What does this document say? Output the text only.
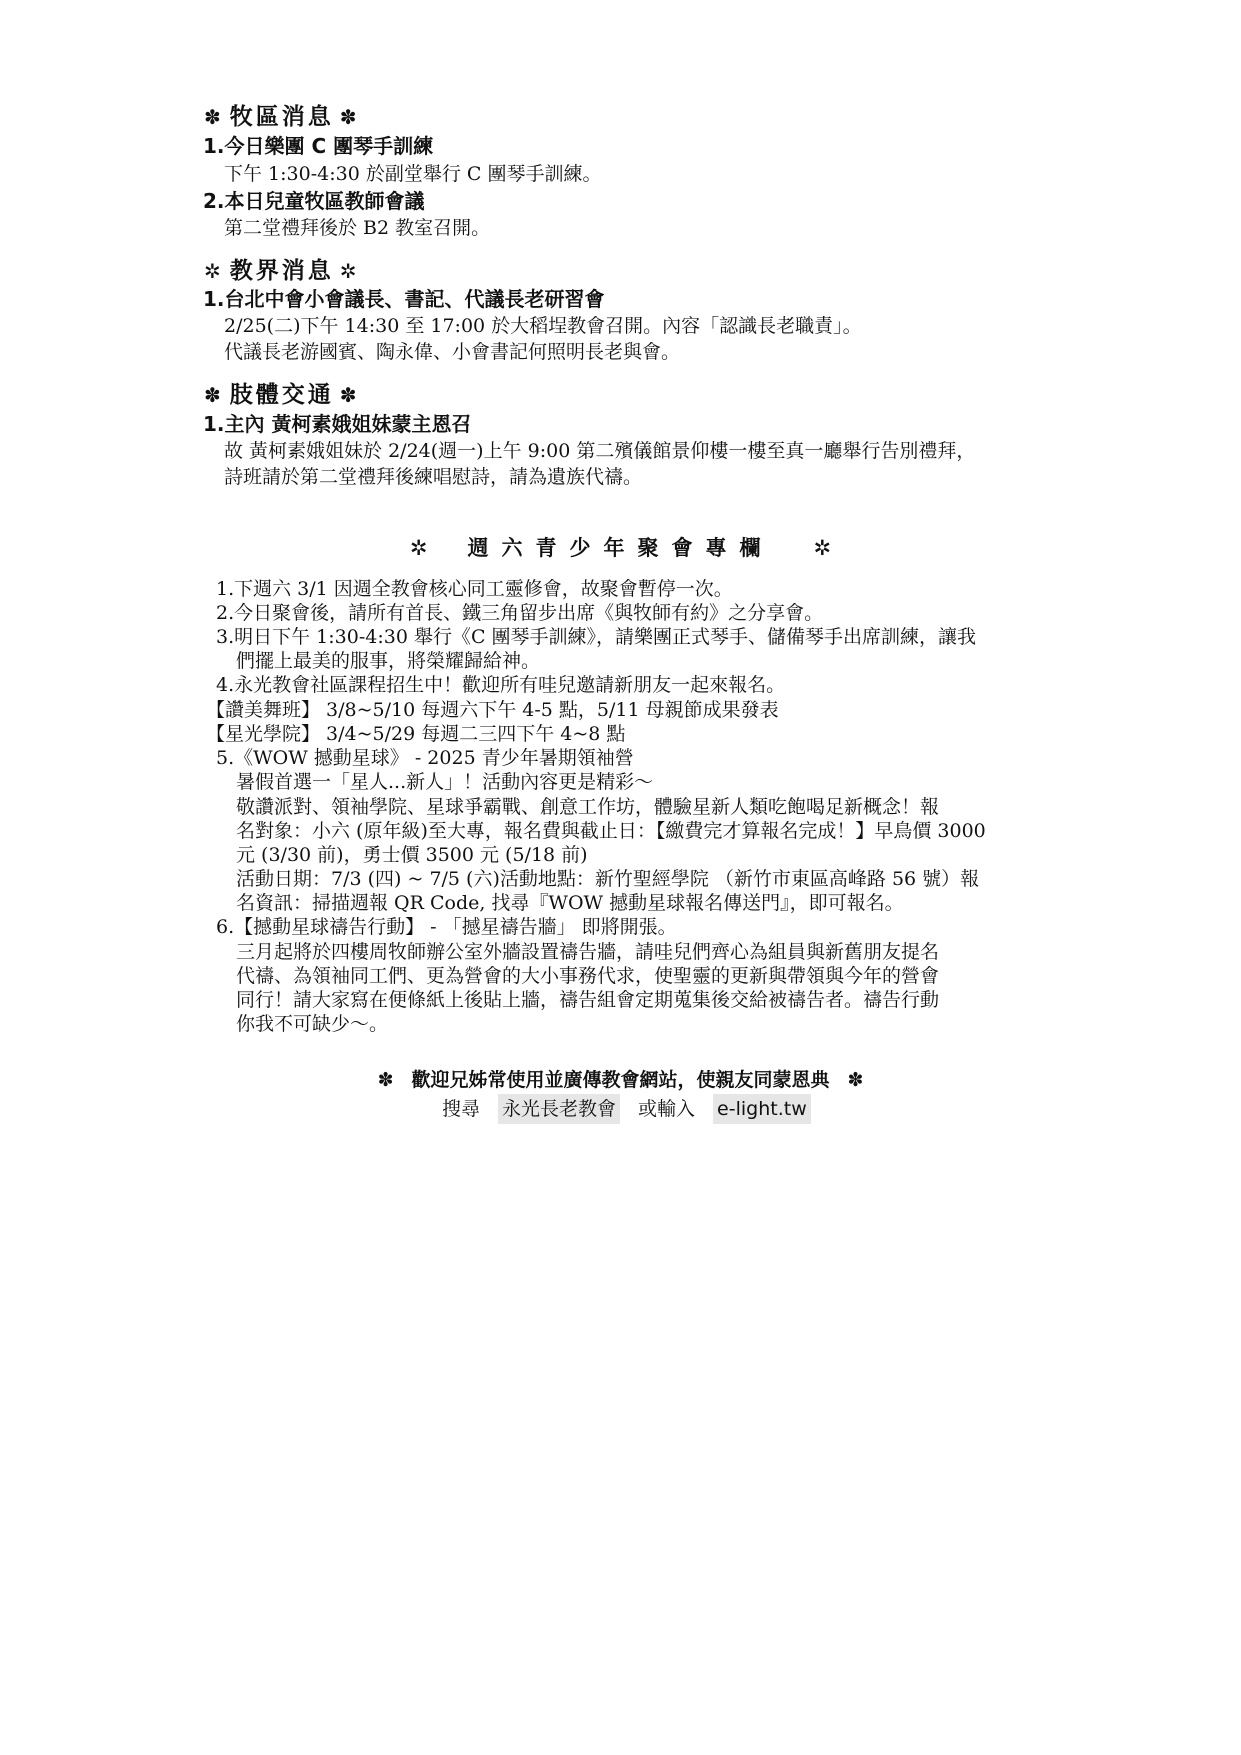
✽ 牧區消息 ✽
1.今日樂團 C 團琴手訓練
下午 1:30-4:30 於副堂舉行 C 團琴手訓練。
2.本日兒童牧區教師會議
第二堂禮拜後於 B2 教室召開。
✲ 教界消息 ✲
1.台北中會小會議長、書記、代議長老研習會
2/25(二)下午 14:30 至 17:00 於大稻埕教會召開。內容「認識長老職責」。
代議長老游國賓、陶永偉、小會書記何照明長老與會。
✽ 肢體交通 ✽
1.主內 黃柯素娥姐妹蒙主恩召
故 黃柯素娥姐妹於 2/24(週一)上午 9:00 第二殯儀館景仰樓一樓至真一廳舉行告別禮拜，
詩班請於第二堂禮拜後練唱慰詩，請為遺族代禱。
✲ 週六青少年聚會專欄 ✲
1.下週六 3/1 因週全教會核心同工靈修會，故聚會暫停一次。
2.今日聚會後，請所有首長、鐵三角留步出席《與牧師有約》之分享會。
3.明日下午 1:30-4:30 舉行《C 團琴手訓練》，請樂團正式琴手、儲備琴手出席訓練，讓我
們擺上最美的服事，將榮耀歸給神。
4.永光教會社區課程招生中！歡迎所有哇兒邀請新朋友一起來報名。
【讚美舞班】 3/8~5/10 每週六下午 4-5 點，5/11 母親節成果發表
【星光學院】 3/4~5/29 每週二三四下午 4~8 點
5.《WOW 撼動星球》 - 2025 青少年暑期領袖營
暑假首選一「星人...新人」！活動內容更是精彩～
敬讚派對、領袖學院、星球爭霸戰、創意工作坊，體驗星新人類吃飽喝足新概念！報
名對象：小六 (原年級)至大專，報名費與截止日：【繳費完才算報名完成！】早鳥價 3000
元 (3/30 前)，勇士價 3500 元 (5/18 前)
活動日期：7/3 (四) ~ 7/5 (六)活動地點：新竹聖經學院 （新竹市東區高峰路 56 號）報
名資訊：掃描週報 QR Code, 找尋『WOW 撼動星球報名傳送門』，即可報名。
6.【撼動星球禱告行動】 - 「撼星禱告牆」 即將開張。
三月起將於四樓周牧師辦公室外牆設置禱告牆，請哇兒們齊心為組員與新舊朋友提名
代禱、為領袖同工們、更為營會的大小事務代求，使聖靈的更新與帶領與今年的營會
同行！請大家寫在便條紙上後貼上牆，禱告組會定期蒐集後交給被禱告者。禱告行動
你我不可缺少～。
✽ 歡迎兄姊常使用並廣傳教會網站，使親友同蒙恩典 ✽
搜尋 永光長老教會 或輸入 e-light.tw
